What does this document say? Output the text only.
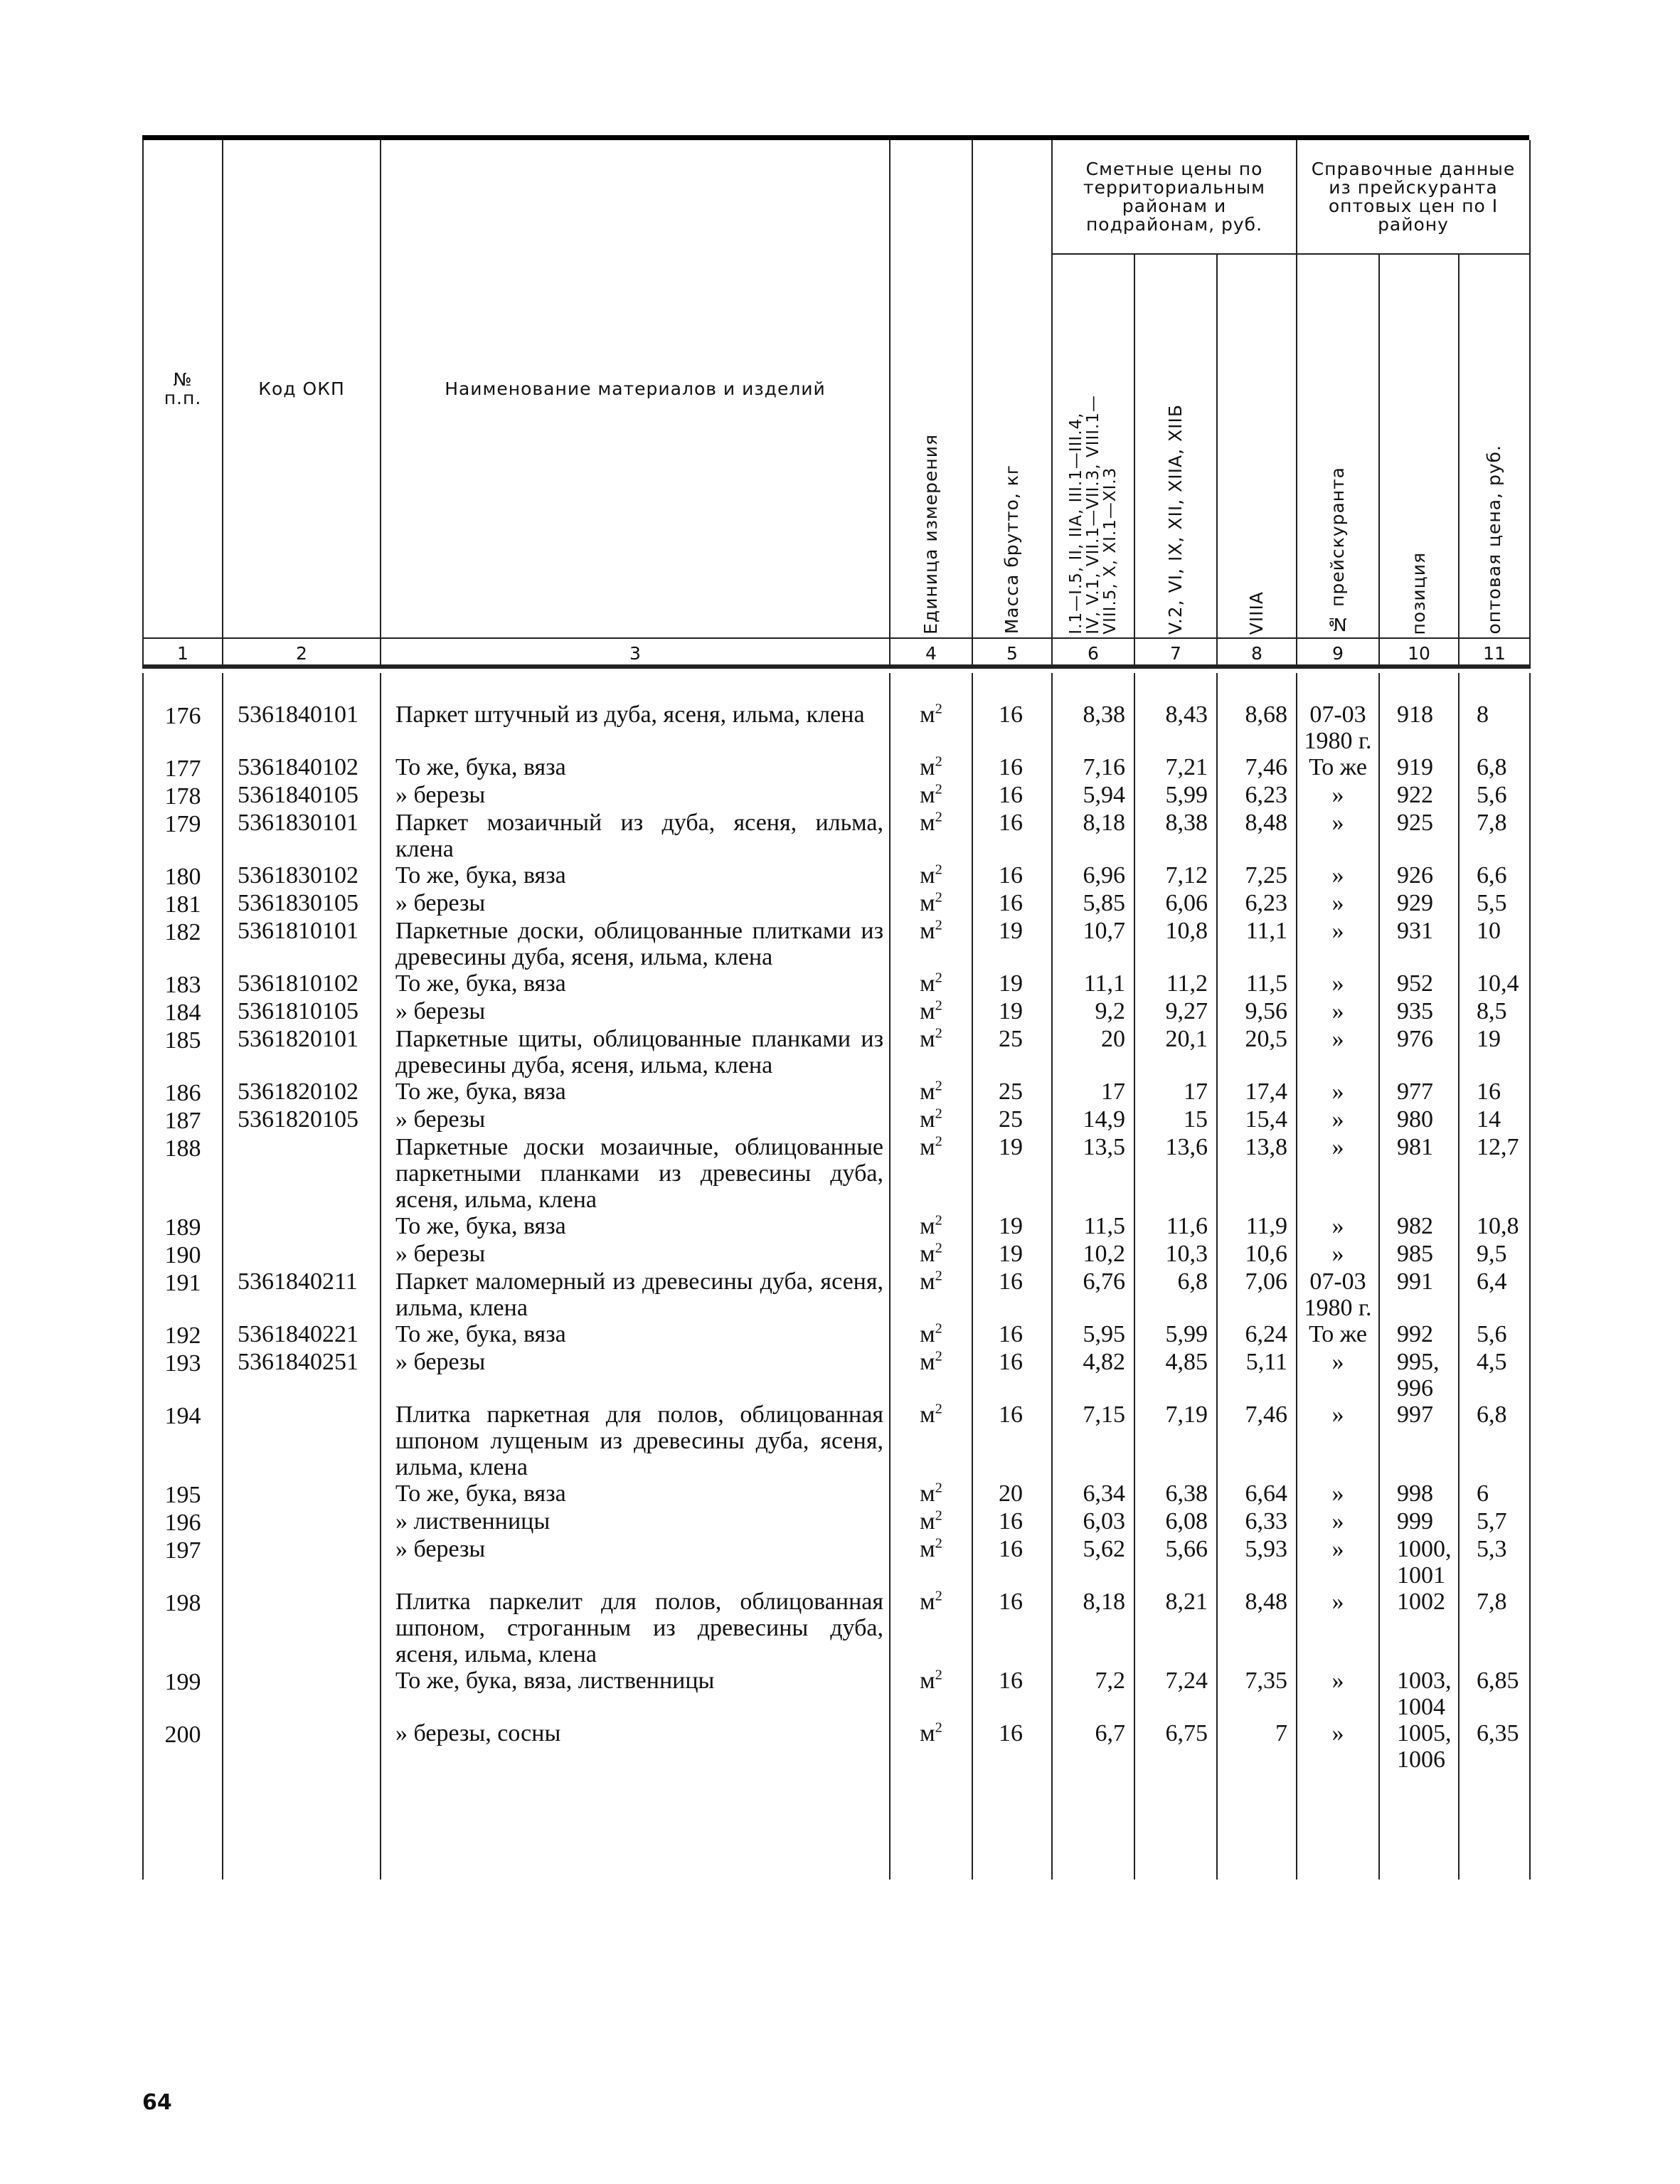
№
п.п.	Код ОКП	Наименование материалов и изделий	Единица измерения	Масса брутто, кг	Сметные цены по территориальным районам и подрайонам, руб.			Справочные данные из прейскуранта оптовых цен по I району		

					I.1—I.5, II, IIA, III.1—III.4,
IV, V.1, VII.1—VII.3, VIII.1—
VIII.5, X, XI.1—XI.3	V.2, VI, IX, XII, XIIA, XIIБ	VIIIA	№ прейскуранта	позиция	оптовая цена, руб.

1	2	3	4	5	6	7	8	9	10	11

176	5361840101	Паркет штучный из дуба, ясеня, ильма, клена	$м^2$	16	8,38	8,43	8,68	07-03 1980 г.	918	8
177	5361840102	То же, бука, вяза	$м^2$	16	7,16	7,21	7,46	То же	919	6,8
178	5361840105	» березы	$м^2$	16	5,94	5,99	6,23	»	922	5,6
179	5361830101	Паркет мозаичный из дуба, ясеня, ильма, клена	$м^2$	16	8,18	8,38	8,48	»	925	7,8
180	5361830102	То же, бука, вяза	$м^2$	16	6,96	7,12	7,25	»	926	6,6
181	5361830105	» березы	$м^2$	16	5,85	6,06	6,23	»	929	5,5
182	5361810101	Паркетные доски, облицованные плитками из древесины дуба, ясеня, ильма, клена	$м^2$	19	10,7	10,8	11,1	»	931	10
183	5361810102	То же, бука, вяза	$м^2$	19	11,1	11,2	11,5	»	952	10,4
184	5361810105	» березы	$м^2$	19	9,2	9,27	9,56	»	935	8,5
185	5361820101	Паркетные щиты, облицованные планками из древесины дуба, ясеня, ильма, клена	$м^2$	25	20	20,1	20,5	»	976	19
186	5361820102	То же, бука, вяза	$м^2$	25	17	17	17,4	»	977	16
187	5361820105	» березы	$м^2$	25	14,9	15	15,4	»	980	14
188		Паркетные доски мозаичные, облицованные паркетными планками из древесины дуба, ясеня, ильма, клена	$м^2$	19	13,5	13,6	13,8	»	981	12,7
189		То же, бука, вяза	$м^2$	19	11,5	11,6	11,9	»	982	10,8
190		» березы	$м^2$	19	10,2	10,3	10,6	»	985	9,5
191	5361840211	Паркет маломерный из древесины дуба, ясеня, ильма, клена	$м^2$	16	6,76	6,8	7,06	07-03 1980 г.	991	6,4
192	5361840221	То же, бука, вяза	$м^2$	16	5,95	5,99	6,24	То же	992	5,6
193	5361840251	» березы	$м^2$	16	4,82	4,85	5,11	»	995, 996	4,5
194		Плитка паркетная для полов, облицованная шпоном лущеным из древесины дуба, ясеня, ильма, клена	$м^2$	16	7,15	7,19	7,46	»	997	6,8
195		То же, бука, вяза	$м^2$	20	6,34	6,38	6,64	»	998	6
196		» лиственницы	$м^2$	16	6,03	6,08	6,33	»	999	5,7
197		» березы	$м^2$	16	5,62	5,66	5,93	»	1000, 1001	5,3
198		Плитка паркелит для полов, облицованная шпоном, строганным из древесины дуба, ясеня, ильма, клена	$м^2$	16	8,18	8,21	8,48	»	1002	7,8
199		То же, бука, вяза, лиственницы	$м^2$	16	7,2	7,24	7,35	»	1003, 1004	6,85
200		» березы, сосны	$м^2$	16	6,7	6,75	7	»	1005, 1006	6,35

64
